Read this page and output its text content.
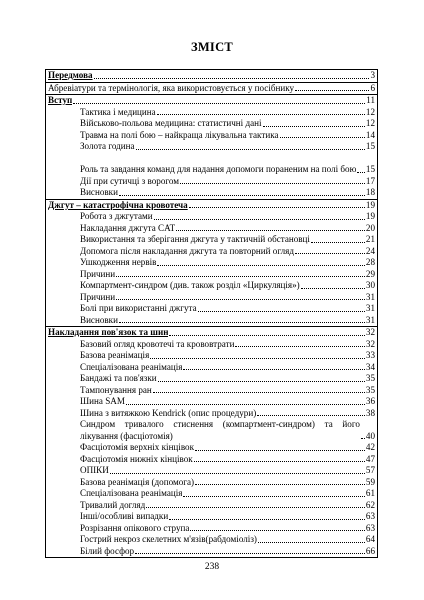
ЗМІСТ
Передмова	3
Абревіатури та термінологія, яка використовується у посібнику	6
Вступ	11
Тактика і медицина	12
Військово-польова медицина: статистичні дані	12
Травма на полі бою – найкраща лікувальна тактика	14
Золота година	15
Роль та завдання команд для надання допомоги пораненим на полі бою 15
Дії при сутичці з ворогом	17
Висновки	18
Джгут – катастрофічна кровотеча	19
Робота з джгутами	19
Накладання джгута CAT	20
Використання та зберігання джгута у тактичній обстановці	21
Допомога після накладання джгута та повторний огляд	24
Ушкодження нервів	28
Причини	29
Компартмент-синдром (див. також розділ «Циркуляція»)	30
Причини	31
Болі при використанні джгута	31
Висновки	31
Накладання пов'язок та шин	32
Базовий огляд кровотечі та крововтрати	32
Базова реанімація	33
Спеціалізована реанімація	34
Бандажі та пов'язки	35
Тампонування ран	35
Шина SAM	36
Шина з витяжкою Kendrick (опис процедури)	38
Синдром тривалого стиснення (компартмент-синдром) та його лікування (фасціотомія)	40
Фасціотомія верхніх кінцівок	42
Фасціотомія нижніх кінцівок	47
ОПІКИ	57
Базова реанімація (допомога)	59
Спеціалізована реанімація	61
Тривалий догляд	62
Інші/особливі випадки	63
Розрізання опікового струпа	63
Гострий некроз скелетних м'язів(рабдоміоліз)	64
Білий фосфор	66
238
